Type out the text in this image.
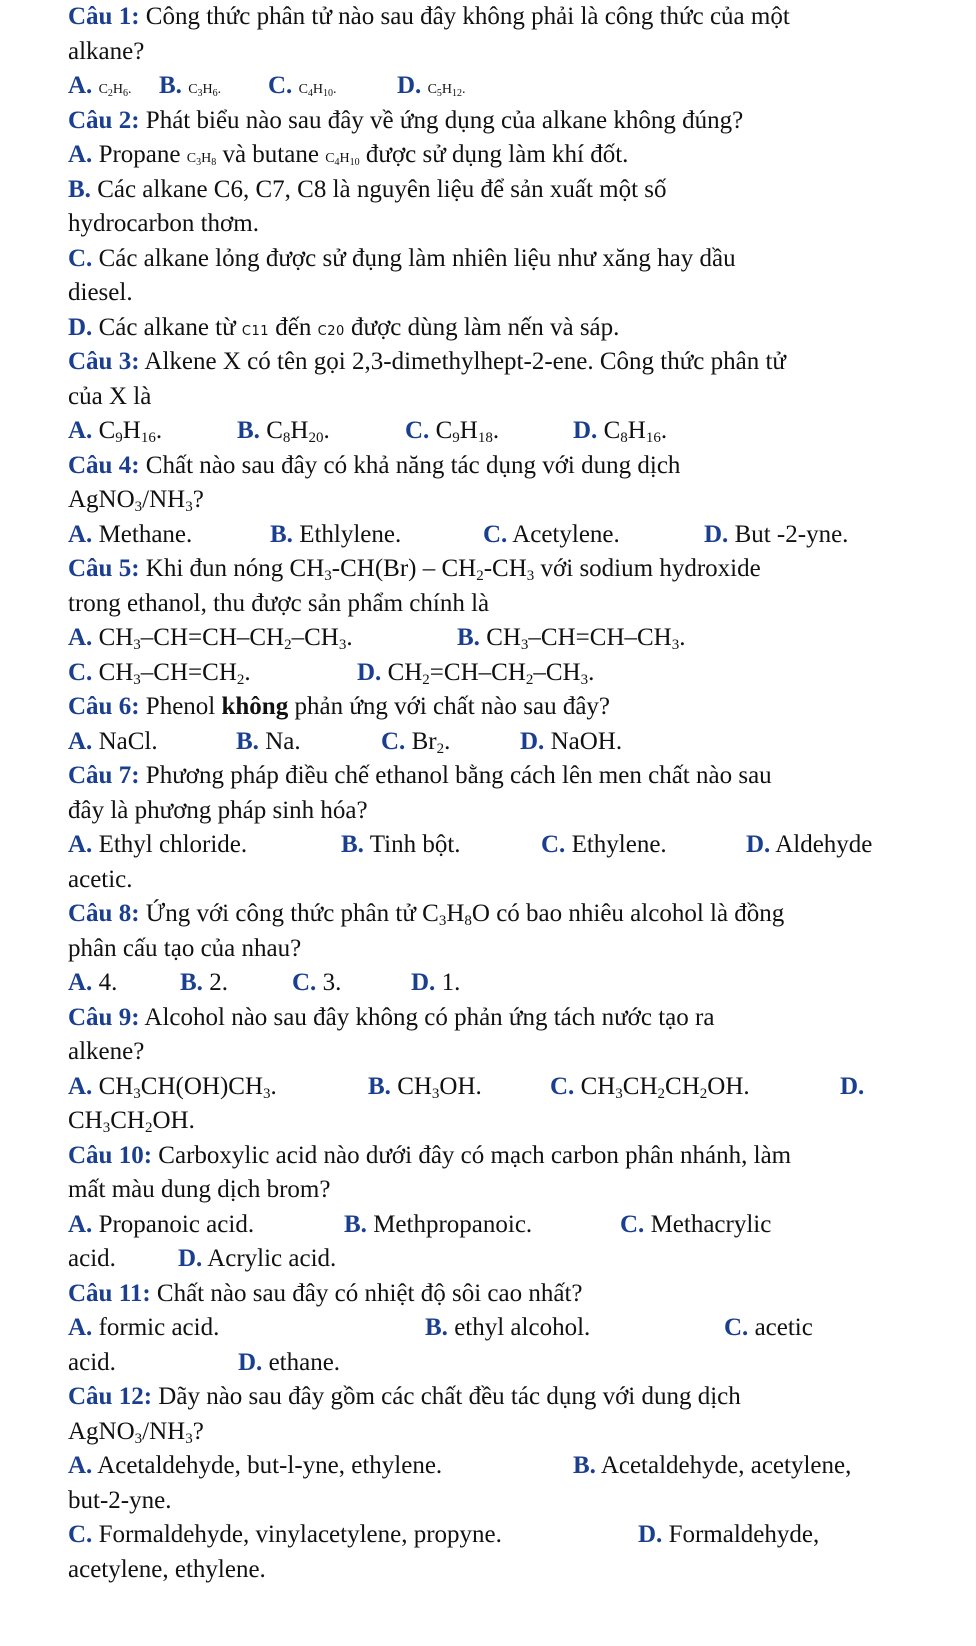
Câu 1: Công thức phân tử nào sau đây không phải là công thức của một
alkane?
A. $C_2H_6$. B. $C_3H_6$. C. $C_4H_{10}$. D. $C_5H_{12}$.
Câu 2: Phát biểu nào sau đây về ứng dụng của alkane không đúng?
A. Propane $C_3H_8$ và butane $C_4H_{10}$ được sử dụng làm khí đốt.
B. Các alkane C6, C7, C8 là nguyên liệu để sản xuất một số
hydrocarbon thơm.
C. Các alkane lỏng được sử đụng làm nhiên liệu như xăng hay dầu
diesel.
D. Các alkane từ C11 đến C20 được dùng làm nến và sáp.
Câu 3: Alkene X có tên gọi 2,3-dimethylhept-2-ene. Công thức phân tử
của X là
A. $C_9H_{16}$.	B. $C_8H_{20}$.	C. $C_9H_{18}$.	D. $C_8H_{16}$.
Câu 4: Chất nào sau đây có khả năng tác dụng với dung dịch
$AgNO_3/NH_3$?
A. Methane.	B. Ethlylene.	C. Acetylene.	D. But -2-yne.
Câu 5: Khi đun nóng $CH_3-CH(Br) - CH_2-CH_3$ với sodium hydroxide
trong ethanol, thu được sản phẩm chính là
A. $CH_3-CH=CH-CH_2-CH_3$.	B. $CH_3-CH=CH-CH_3$.
C. $CH_3-CH=CH_2$.	D. $CH_2=CH-CH_2-CH_3$.
Câu 6: Phenol không phản ứng với chất nào sau đây?
A. NaCl.	B. Na.	C. $Br_2$.	D. NaOH.
Câu 7: Phương pháp điều chế ethanol bằng cách lên men chất nào sau
đây là phương pháp sinh hóa?
A. Ethyl chloride.	B. Tinh bột.	C. Ethylene.	D. Aldehyde
acetic.
Câu 8: Ứng với công thức phân tử $C_3H_8O$ có bao nhiêu alcohol là đồng
phân cấu tạo của nhau?
A. 4.	B. 2.	C. 3.	D. 1.
Câu 9: Alcohol nào sau đây không có phản ứng tách nước tạo ra
alkene?
A. $CH_3CH(OH)CH_3$.	B. $CH_3OH$.	C. $CH_3CH_2CH_2OH$.	D.
$CH_3CH_2OH$.
Câu 10: Carboxylic acid nào dưới đây có mạch carbon phân nhánh, làm
mất màu dung dịch brom?
A. Propanoic acid.	B. Methpropanoic.	C. Methacrylic
acid. D. Acrylic acid.
Câu 11: Chất nào sau đây có nhiệt độ sôi cao nhất?
A. formic acid.	B. ethyl alcohol.	C. acetic
acid.	D. ethane.
Câu 12: Dãy nào sau đây gồm các chất đều tác dụng với dung dịch
$AgNO_3/NH_3$?
A. Acetaldehyde, but-l-yne, ethylene.	B. Acetaldehyde, acetylene,
but-2-yne.
C. Formaldehyde, vinylacetylene, propyne.	D. Formaldehyde,
acetylene, ethylene.
